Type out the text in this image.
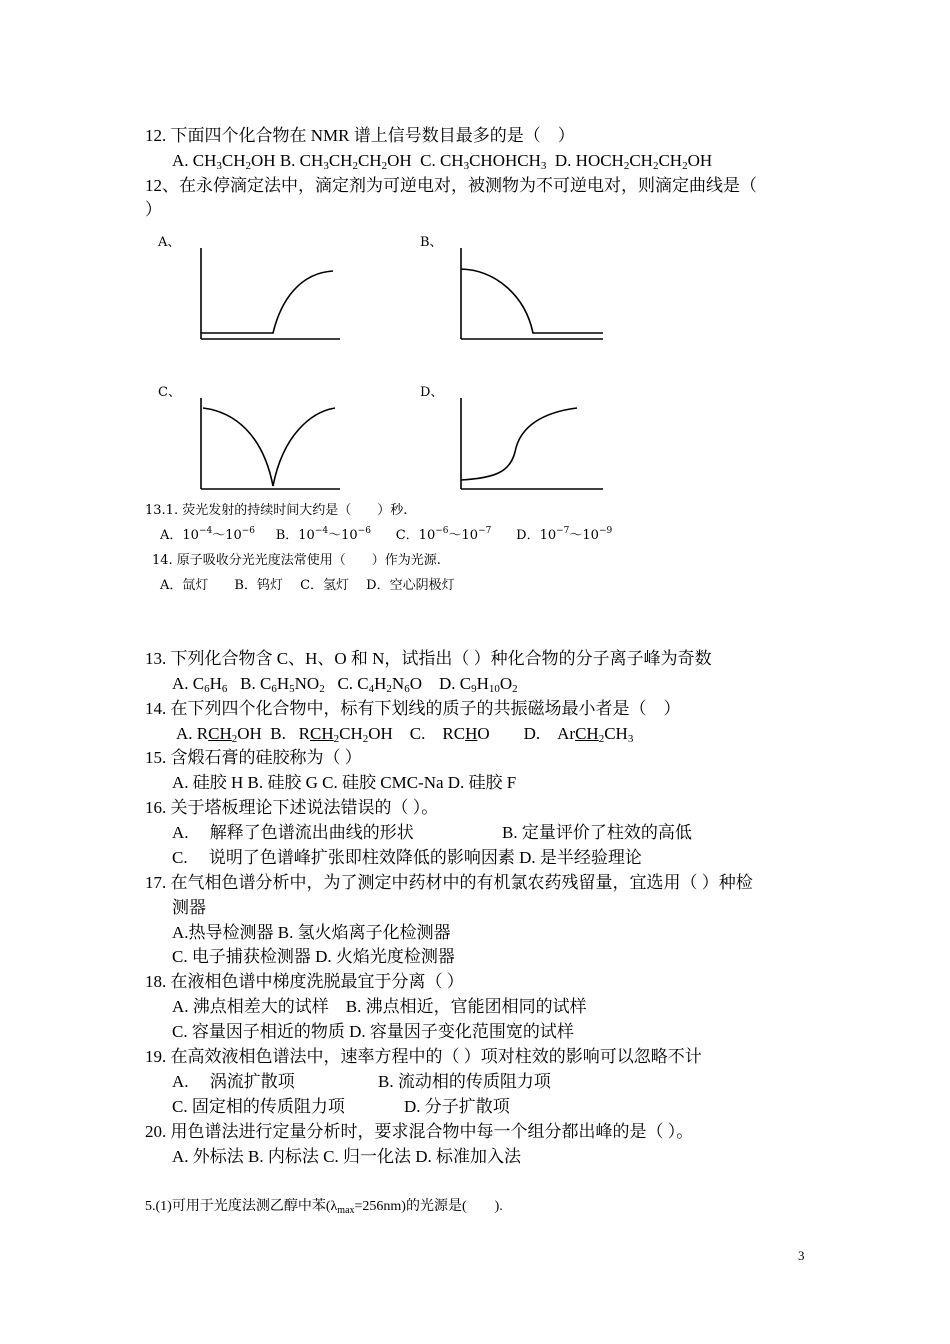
12. 下面四个化合物在 NMR 谱上信号数目最多的是（　）
A. $CH_3CH_2OH$ B. $CH_3CH_2CH_2OH$ C. $CH_3CHOHCH_3$ D. $HOCH_2CH_2CH_2OH$
12、在永停滴定法中，滴定剂为可逆电对，被测物为不可逆电对，则滴定曲线是（
）
A、	B、
C、	D、
13.1. 荧光发射的持续时间大约是（　　）秒.
A．$10^{-4}\sim 10^{-6}$ B．$10^{-4}\sim 10^{-6}$ C．$10^{-6}\sim 10^{-7}$ D．$10^{-7}\sim 10^{-9}$
14. 原子吸收分光光度法常使用（　　）作为光源.
A．氙灯　　B．钨灯　 C．氢灯　 D．空心阴极灯
13. 下列化合物含 C、H、O 和 N，试指出（ ）种化合物的分子离子峰为奇数
A. $C_6H_6$ B. $C_6H_5NO_2$ C. $C_4H_2N_6O$    D. $C_9H_{10}O_2$
14. 在下列四个化合物中，标有下划线的质子的共振磁场最小者是（　）
A. $RCH_2OH$  B.   $RCH_2CH_2OH$    C.    RCHO        D.    $ArCH_2CH_3$
15. 含煅石膏的硅胶称为（ ）
A. 硅胶 H B. 硅胶 G C. 硅胶 CMC-Na D. 硅胶 F
16. 关于塔板理论下述说法错误的（ ）。
A.　 解释了色谱流出曲线的形状	B. 定量评价了柱效的高低
C.　 说明了色谱峰扩张即柱效降低的影响因素 D. 是半经验理论
17. 在气相色谱分析中，为了测定中药材中的有机氯农药残留量，宜选用（ ）种检
测器
A.热导检测器 B. 氢火焰离子化检测器
C. 电子捕获检测器 D. 火焰光度检测器
18. 在液相色谱中梯度洗脱最宜于分离（ ）
A. 沸点相差大的试样　B. 沸点相近，官能团相同的试样
C. 容量因子相近的物质 D. 容量因子变化范围宽的试样
19. 在高效液相色谱法中，速率方程中的（ ）项对柱效的影响可以忽略不计
A.　 涡流扩散项	B. 流动相的传质阻力项
C. 固定相的传质阻力项	D. 分子扩散项
20. 用色谱法进行定量分析时，要求混合物中每一个组分都出峰的是（ ）。
A. 外标法 B. 内标法 C. 归一化法 D. 标准加入法
5.(1)可用于光度法测乙醇中苯$(\lambda_{max}=256nm)$的光源是(　　).
3
